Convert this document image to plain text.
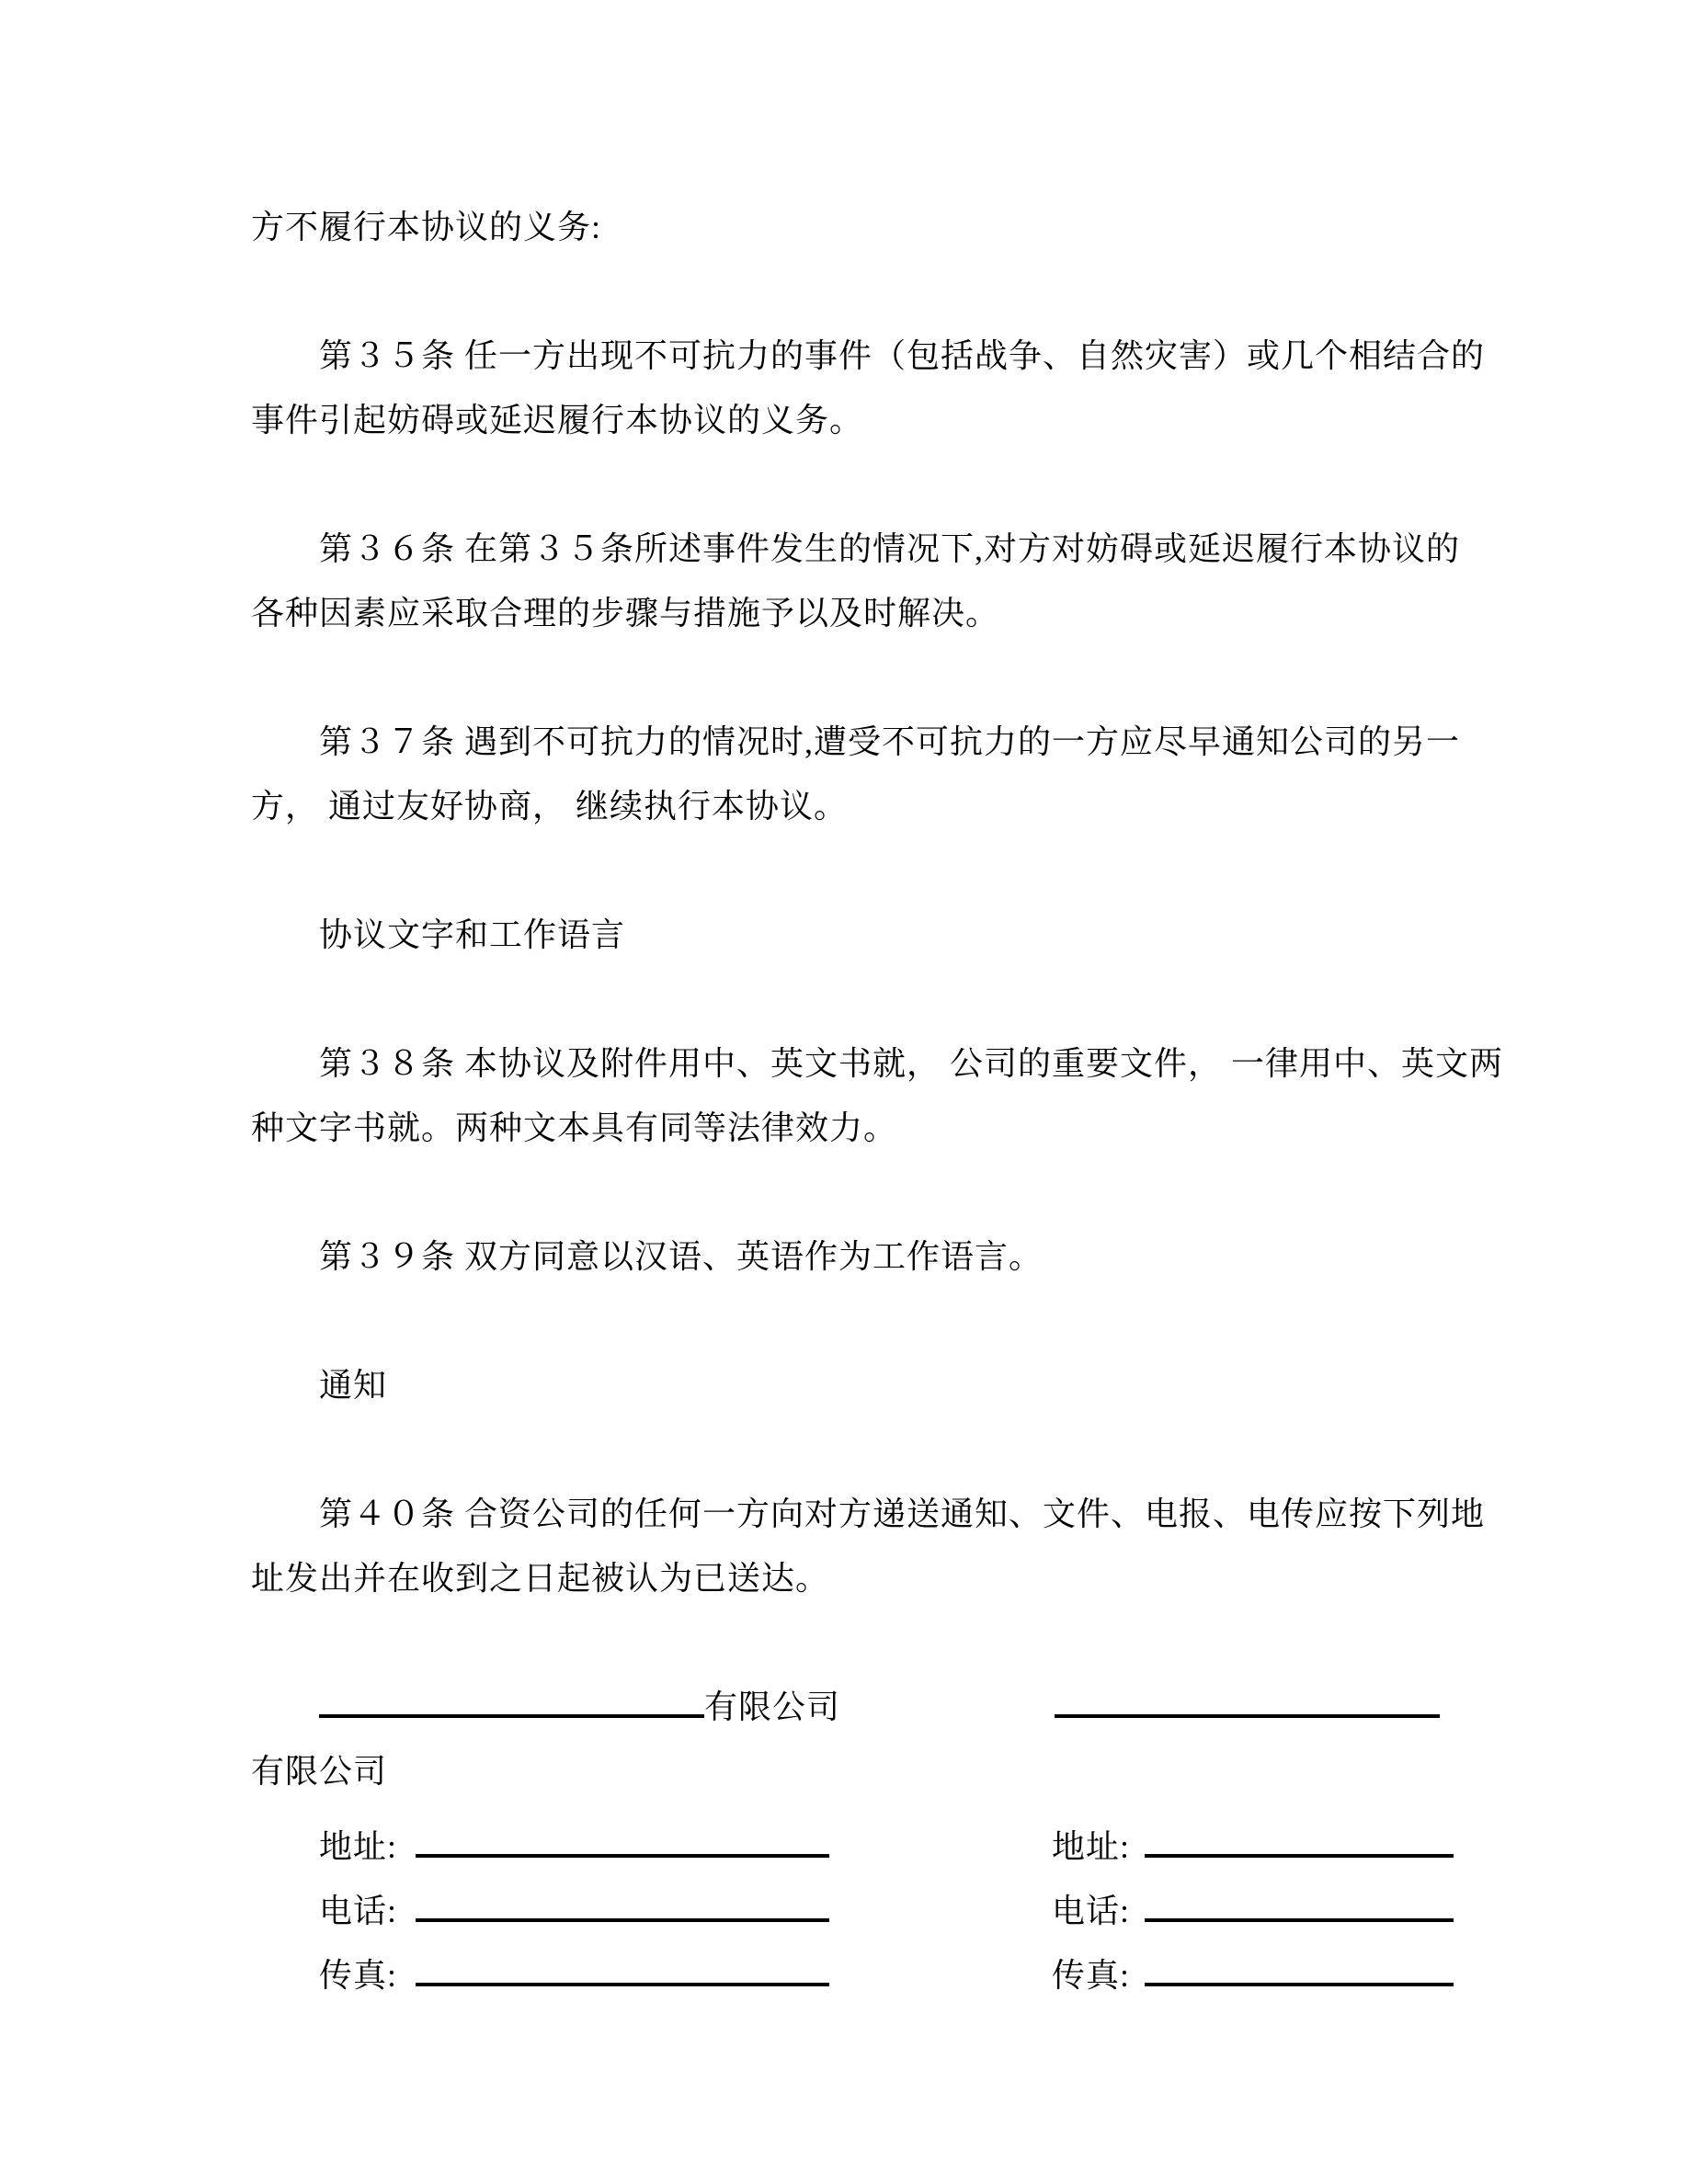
方不履行本协议的义务:
第３５条 任一方出现不可抗力的事件（包括战争、自然灾害）或几个相结合的
事件引起妨碍或延迟履行本协议的义务。
第３６条 在第３５条所述事件发生的情况下,对方对妨碍或延迟履行本协议的
各种因素应采取合理的步骤与措施予以及时解决。
第３７条 遇到不可抗力的情况时,遭受不可抗力的一方应尽早通知公司的另一
方， 通过友好协商， 继续执行本协议。
协议文字和工作语言
第３８条 本协议及附件用中、英文书就， 公司的重要文件， 一律用中、英文两
种文字书就。两种文本具有同等法律效力。
第３９条 双方同意以汉语、英语作为工作语言。
通知
第４０条 合资公司的任何一方向对方递送通知、文件、电报、电传应按下列地
址发出并在收到之日起被认为已送达。
有限公司
有限公司
地址:	地址:
电话:	电话:
传真:	传真:
